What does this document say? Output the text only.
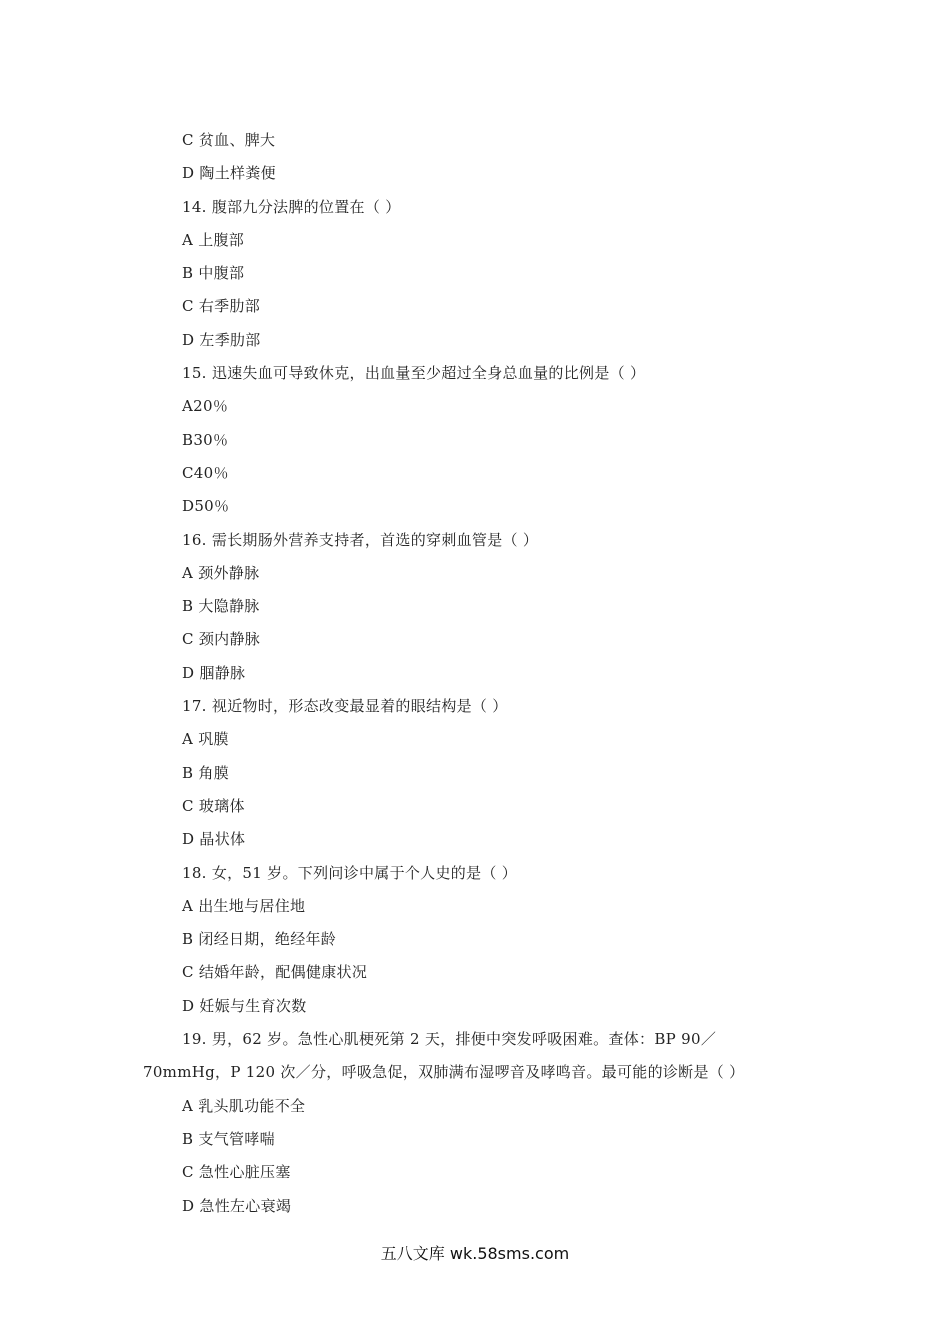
C 贫血、脾大
D 陶土样粪便
14. 腹部九分法脾的位置在（ ）
A 上腹部
B 中腹部
C 右季肋部
D 左季肋部
15. 迅速失血可导致休克，出血量至少超过全身总血量的比例是（ ）
A20％
B30％
C40％
D50％
16. 需长期肠外营养支持者，首选的穿刺血管是（ ）
A 颈外静脉
B 大隐静脉
C 颈内静脉
D 腘静脉
17. 视近物时，形态改变最显着的眼结构是（ ）
A 巩膜
B 角膜
C 玻璃体
D 晶状体
18. 女，51 岁。下列问诊中属于个人史的是（ ）
A 出生地与居住地
B 闭经日期，绝经年龄
C 结婚年龄，配偶健康状况
D 妊娠与生育次数
19. 男，62 岁。急性心肌梗死第 2 天，排便中突发呼吸困难。查体：BP 90／
70mmHg，P 120 次／分，呼吸急促，双肺满布湿啰音及哮鸣音。最可能的诊断是（ ）
A 乳头肌功能不全
B 支气管哮喘
C 急性心脏压塞
D 急性左心衰竭
五八文库 wk.58sms.com
